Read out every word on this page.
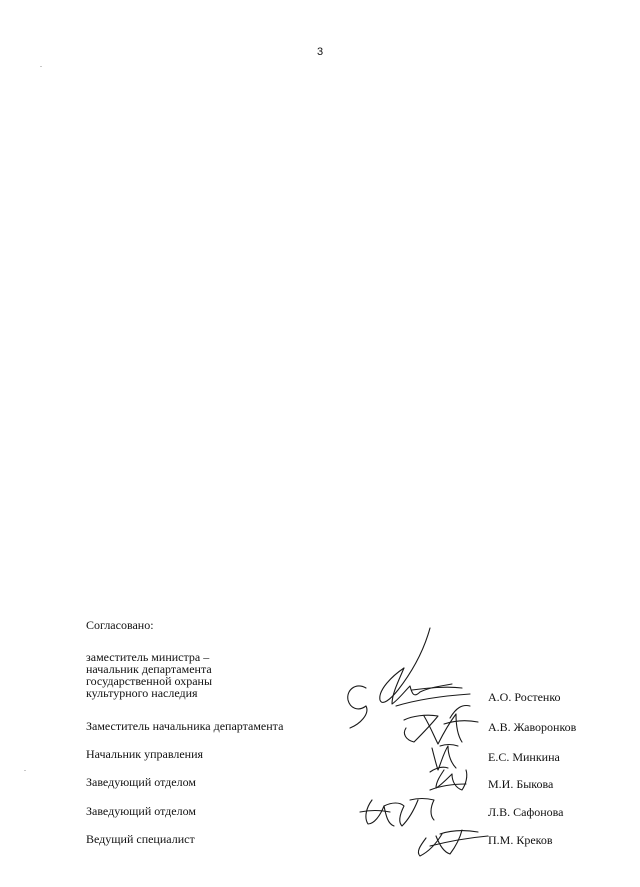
3
Согласовано:
заместитель министра –
начальник департамента
государственной охраны
культурного наследия	А.О. Ростенко
Заместитель начальника департамента	А.В. Жаворонков
Начальник управления	Е.С. Минкина
Заведующий отделом	М.И. Быкова
Заведующий отделом	Л.В. Сафонова
Ведущий специалист	П.М. Креков
